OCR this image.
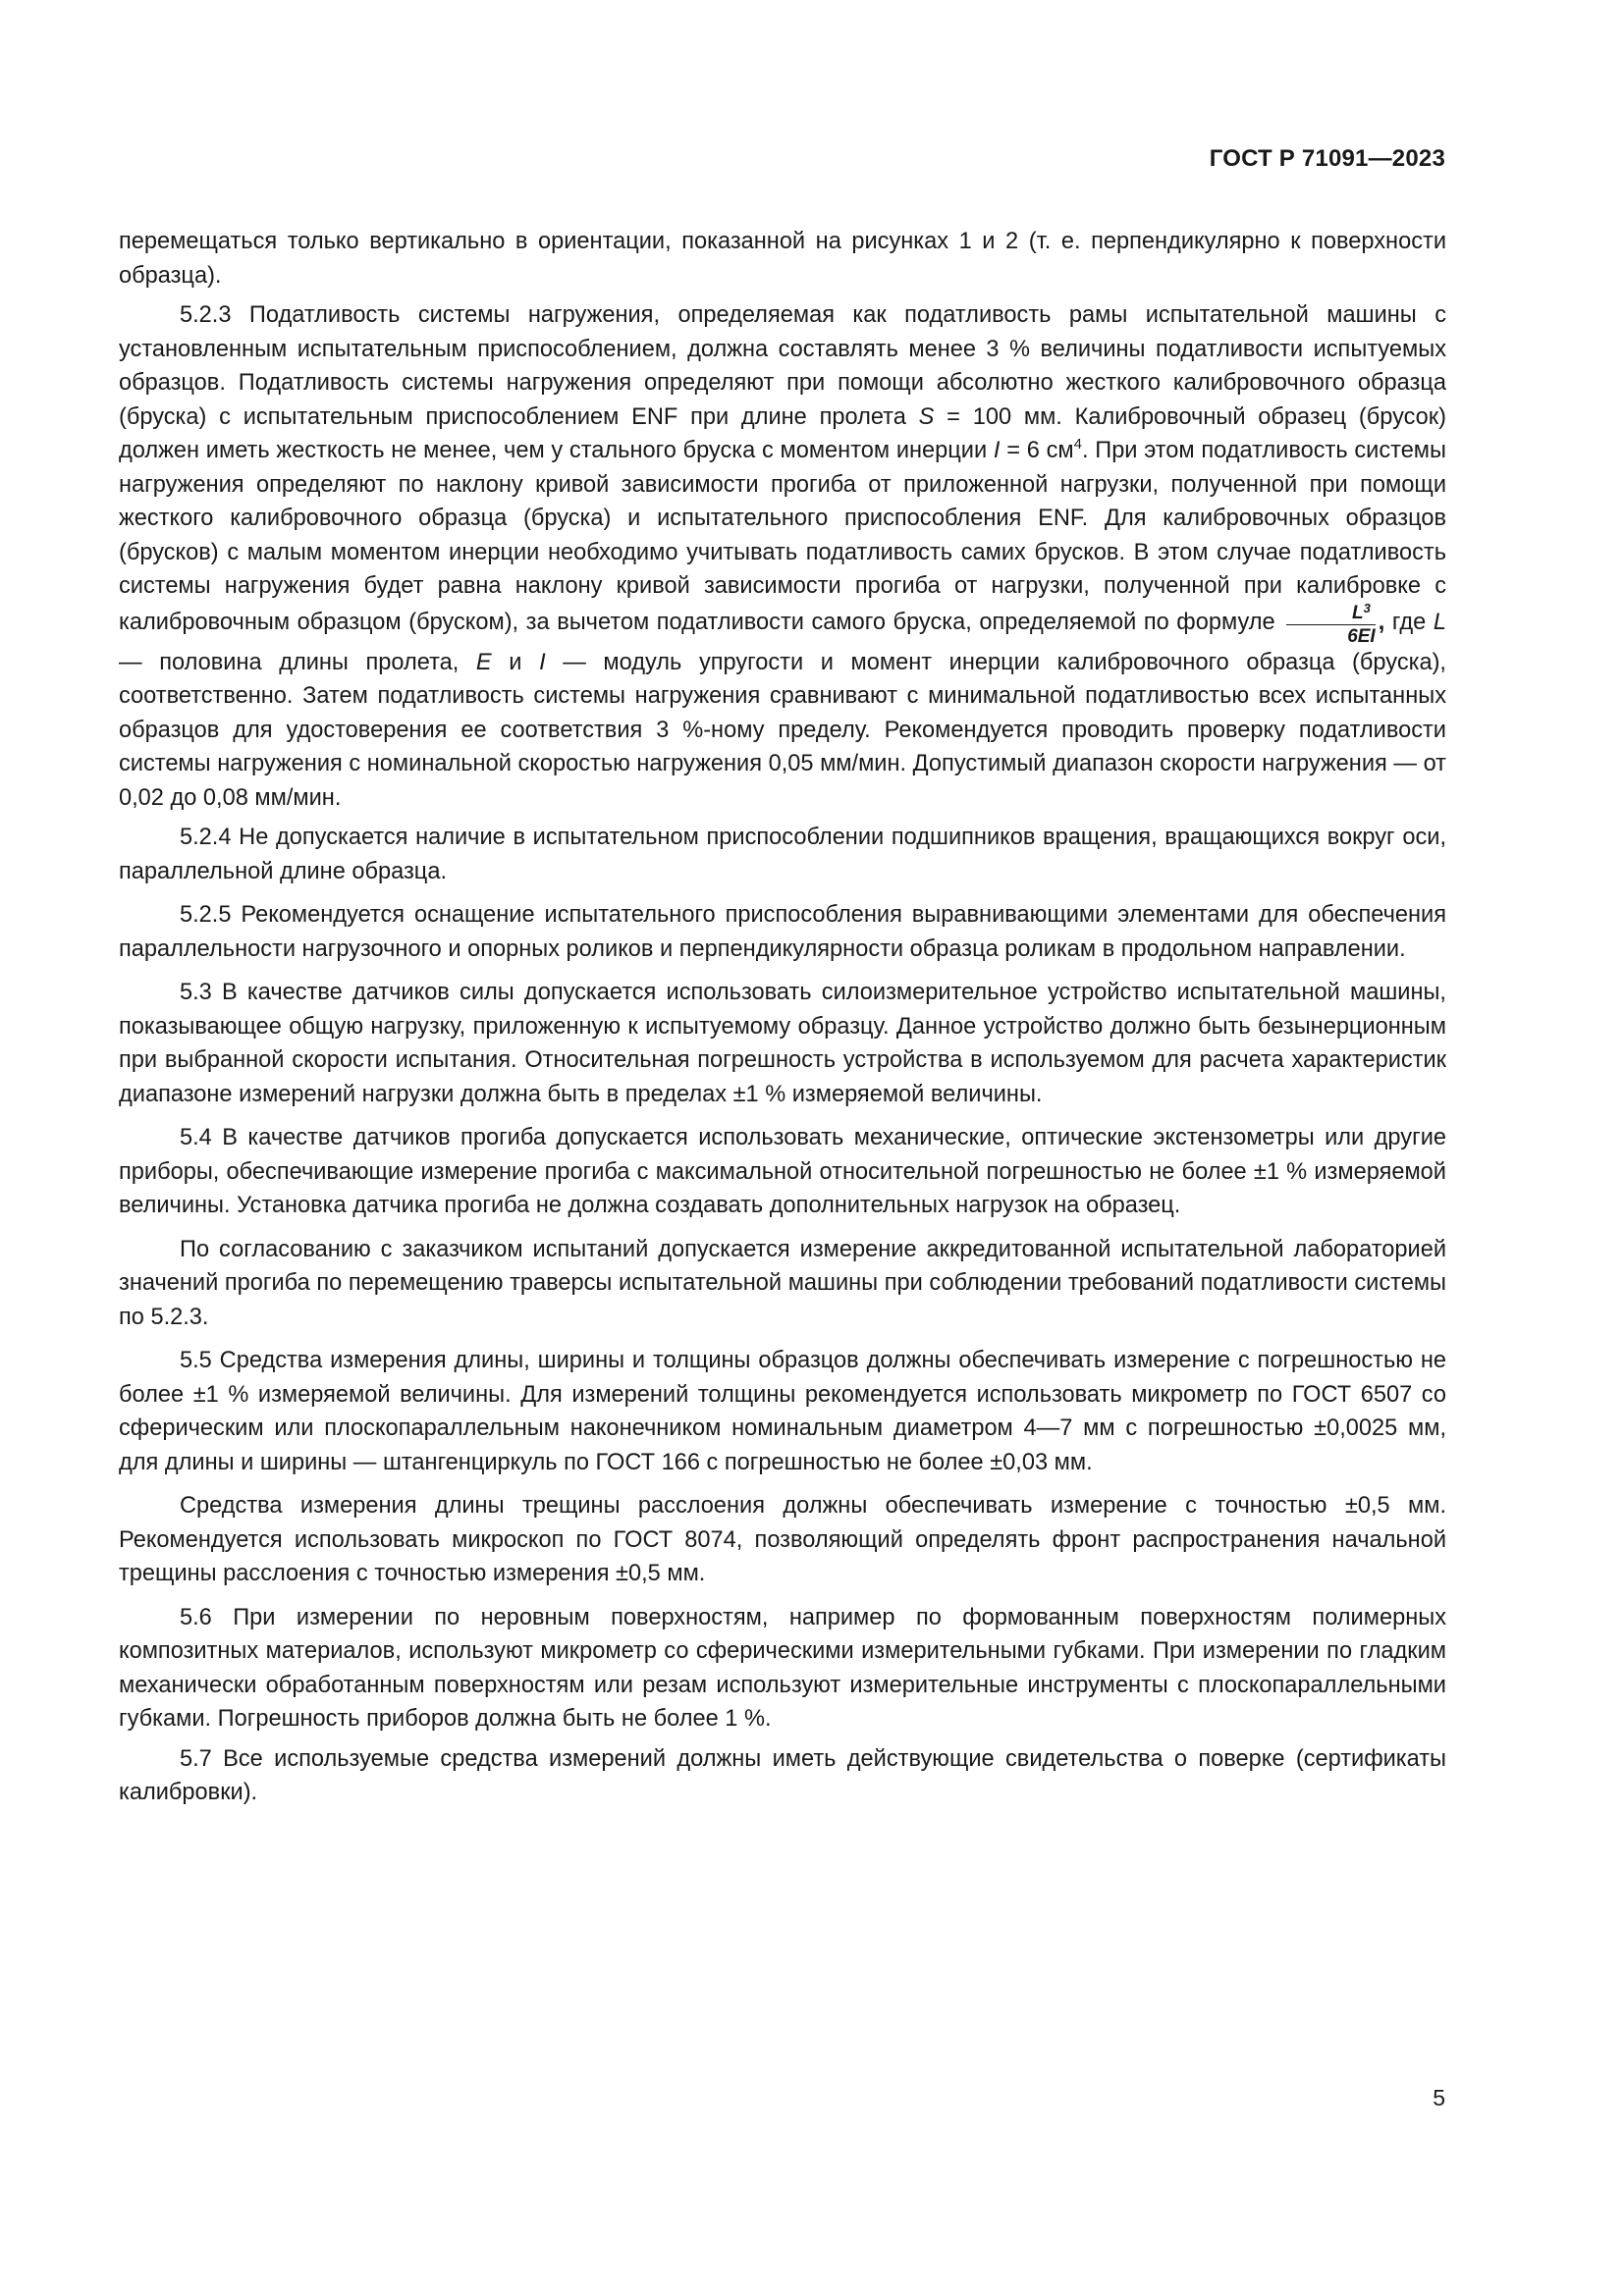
ГОСТ Р 71091—2023

перемещаться только вертикально в ориентации, показанной на рисунках 1 и 2 (т. е. перпендикулярно к поверхности образца).

5.2.3 Податливость системы нагружения, определяемая как податливость рамы испытательной машины с установленным испытательным приспособлением, должна составлять менее 3 % величины податливости испытуемых образцов. Податливость системы нагружения определяют при помощи абсолютно жесткого калибровочного образца (бруска) с испытательным приспособлением ENF при длине пролета S = 100 мм. Калибровочный образец (брусок) должен иметь жесткость не менее, чем у стального бруска с моментом инерции I = 6 $см^4$. При этом податливость системы нагружения определяют по наклону кривой зависимости прогиба от приложенной нагрузки, полученной при помощи жесткого калибровочного образца (бруска) и испытательного приспособления ENF. Для калибровочных образцов (брусков) с малым моментом инерции необходимо учитывать податливость самих брусков. В этом случае податливость системы нагружения будет равна наклону кривой зависимости прогиба от нагрузки, полученной при калибровке с калибровочным образцом (бруском), за вычетом податливости самого бруска, определяемой по формуле $\frac{L^3}{6EI}$ , где L — половина длины пролета, E и I — модуль упругости и момент инерции калибровочного образца (бруска), соответственно. Затем податливость системы нагружения сравнивают с минимальной податливостью всех испытанных образцов для удостоверения ее соответствия 3 %-ному пределу. Рекомендуется проводить проверку податливости системы нагружения с номинальной скоростью нагружения 0,05 мм/мин. Допустимый диапазон скорости нагружения — от 0,02 до 0,08 мм/мин.

5.2.4 Не допускается наличие в испытательном приспособлении подшипников вращения, вращающихся вокруг оси, параллельной длине образца.

5.2.5 Рекомендуется оснащение испытательного приспособления выравнивающими элементами для обеспечения параллельности нагрузочного и опорных роликов и перпендикулярности образца роликам в продольном направлении.

5.3 В качестве датчиков силы допускается использовать силоизмерительное устройство испытательной машины, показывающее общую нагрузку, приложенную к испытуемому образцу. Данное устройство должно быть безынерционным при выбранной скорости испытания. Относительная погрешность устройства в используемом для расчета характеристик диапазоне измерений нагрузки должна быть в пределах ±1 % измеряемой величины.

5.4 В качестве датчиков прогиба допускается использовать механические, оптические экстензометры или другие приборы, обеспечивающие измерение прогиба с максимальной относительной погрешностью не более ±1 % измеряемой величины. Установка датчика прогиба не должна создавать дополнительных нагрузок на образец.

По согласованию с заказчиком испытаний допускается измерение аккредитованной испытательной лабораторией значений прогиба по перемещению траверсы испытательной машины при соблюдении требований податливости системы по 5.2.3.

5.5 Средства измерения длины, ширины и толщины образцов должны обеспечивать измерение с погрешностью не более ±1 % измеряемой величины. Для измерений толщины рекомендуется использовать микрометр по ГОСТ 6507 со сферическим или плоскопараллельным наконечником номинальным диаметром 4—7 мм с погрешностью ±0,0025 мм, для длины и ширины — штангенциркуль по ГОСТ 166 с погрешностью не более ±0,03 мм.

Средства измерения длины трещины расслоения должны обеспечивать измерение с точностью ±0,5 мм. Рекомендуется использовать микроскоп по ГОСТ 8074, позволяющий определять фронт распространения начальной трещины расслоения с точностью измерения ±0,5 мм.

5.6 При измерении по неровным поверхностям, например по формованным поверхностям полимерных композитных материалов, используют микрометр со сферическими измерительными губками. При измерении по гладким механически обработанным поверхностям или резам используют измерительные инструменты с плоскопараллельными губками. Погрешность приборов должна быть не более 1 %.

5.7 Все используемые средства измерений должны иметь действующие свидетельства о поверке (сертификаты калибровки).

5
